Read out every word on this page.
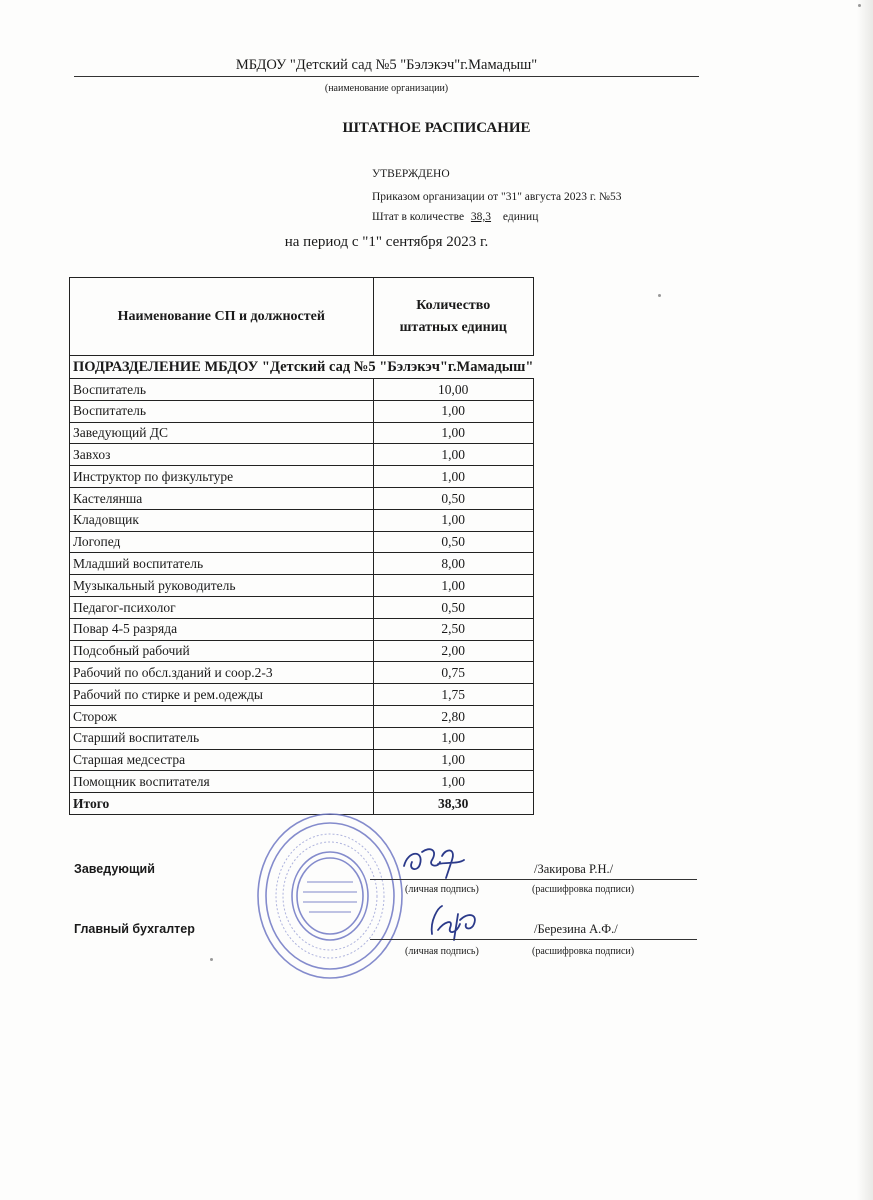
МБДОУ "Детский сад №5 "Бэлэкэч"г.Мамадыш"
(наименование организации)
ШТАТНОЕ РАСПИСАНИЕ
УТВЕРЖДЕНО
Приказом организации от "31" августа 2023 г. №53
Штат в количестве 38,3 единиц
на период с "1" сентября 2023 г.
Наименование СП и должностей	Количество
штатных единиц
ПОДРАЗДЕЛЕНИЕ МБДОУ "Детский сад №5 "Бэлэкэч"г.Мамадыш"	
Воспитатель	10,00
Воспитатель	1,00
Заведующий ДС	1,00
Завхоз	1,00
Инструктор по физкультуре	1,00
Кастелянша	0,50
Кладовщик	1,00
Логопед	0,50
Младший воспитатель	8,00
Музыкальный руководитель	1,00
Педагог-психолог	0,50
Повар 4-5 разряда	2,50
Подсобный рабочий	2,00
Рабочий по обсл.зданий и соор.2-3	0,75
Рабочий по стирке и рем.одежды	1,75
Сторож	2,80
Старший воспитатель	1,00
Старшая медсестра	1,00
Помощник воспитателя	1,00
Итого	38,30
Заведующий	/Закирова Р.Н./
(личная подпись)	(расшифровка подписи)
Главный бухгалтер	/Березина А.Ф./
(личная подпись)	(расшифровка подписи)
